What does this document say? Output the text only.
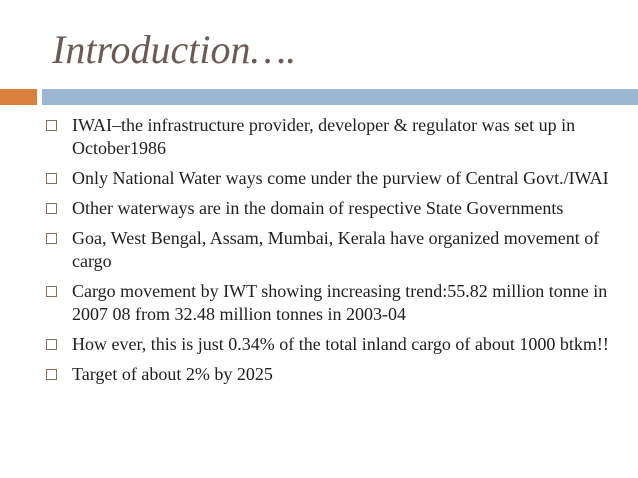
Introduction….
IWAI–the infrastructure provider, developer & regulator was set up in October1986
Only National Water ways come under the purview of Central Govt./IWAI
Other waterways are in the domain of respective State Governments
Goa, West Bengal, Assam, Mumbai, Kerala have organized movement of cargo
Cargo movement by IWT showing increasing trend:55.82 million tonne in 2007 08 from 32.48 million tonnes in 2003-04
How ever, this is just 0.34% of the total inland cargo of about 1000 btkm!!
Target of about 2% by 2025
